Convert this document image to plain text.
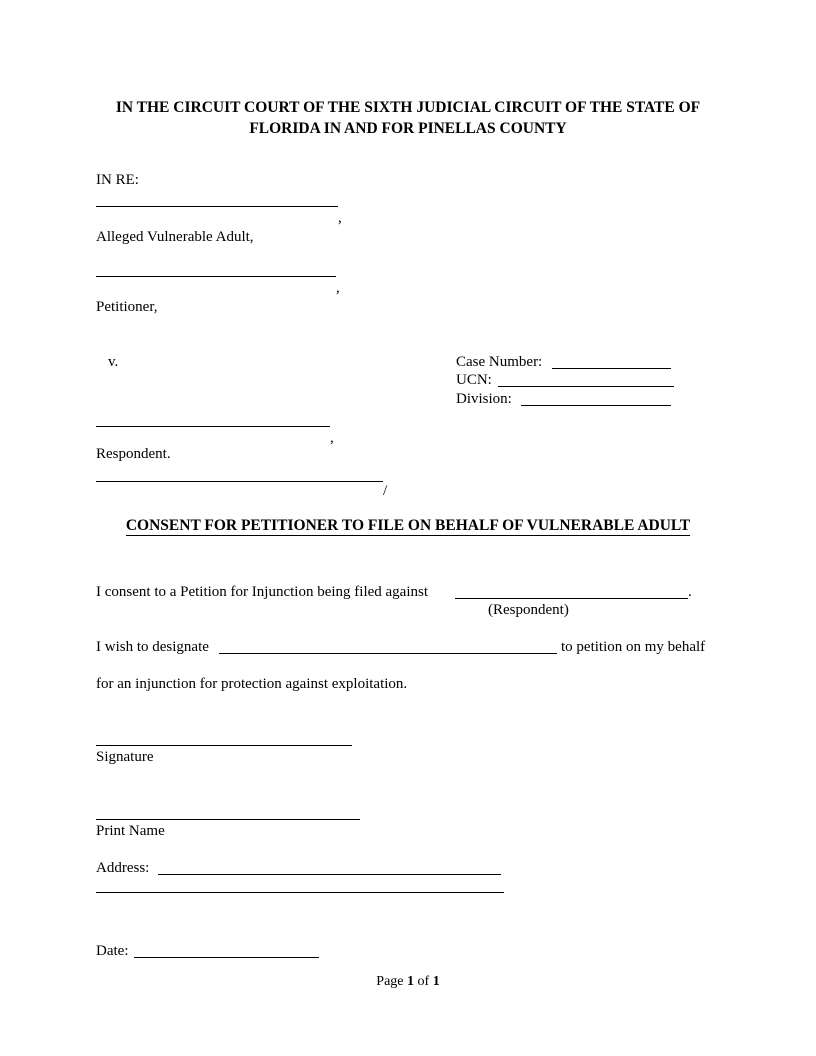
IN THE CIRCUIT COURT OF THE SIXTH JUDICIAL CIRCUIT OF THE STATE OF
FLORIDA IN AND FOR PINELLAS COUNTY
IN RE:
,
Alleged Vulnerable Adult,
,
Petitioner,
v.	Case Number:
UCN:
Division:
,
Respondent.
/
CONSENT FOR PETITIONER TO FILE ON BEHALF OF VULNERABLE ADULT
I consent to a Petition for Injunction being filed against	.
(Respondent)
I wish to designate	to petition on my behalf
for an injunction for protection against exploitation.
Signature
Print Name
Address:
Date:
Page 1 of 1
